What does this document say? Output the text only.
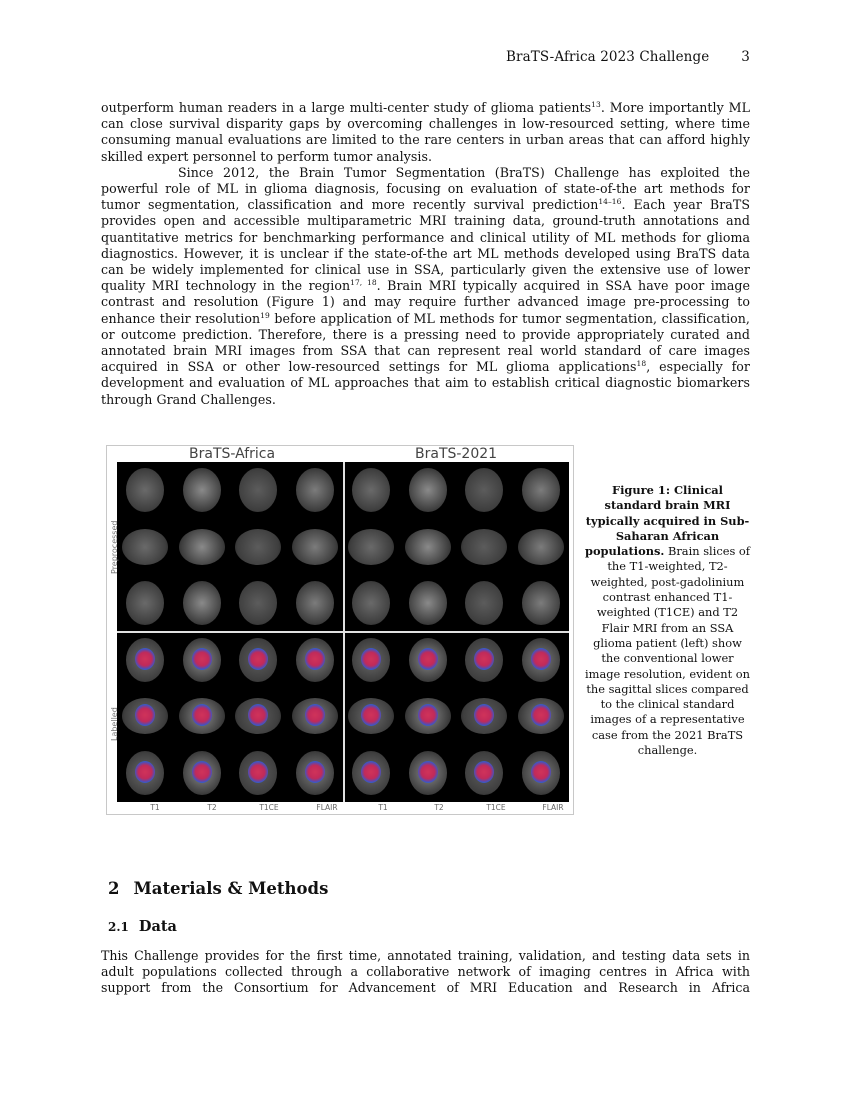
BraTS-Africa 2023 Challenge 3

outperform human readers in a large multi-center study of glioma patients$^{13}$. More importantly ML can close survival disparity gaps by overcoming challenges in low-resourced setting, where time consuming manual evaluations are limited to the rare centers in urban areas that can afford highly skilled expert personnel to perform tumor analysis.

Since 2012, the Brain Tumor Segmentation (BraTS) Challenge has exploited the powerful role of ML in glioma diagnosis, focusing on evaluation of state-of-the art methods for tumor segmentation, classification and more recently survival prediction$^{14-16}$. Each year BraTS provides open and accessible multiparametric MRI training data, ground-truth annotations and quantitative metrics for benchmarking performance and clinical utility of ML methods for glioma diagnostics. However, it is unclear if the state-of-the art ML methods developed using BraTS data can be widely implemented for clinical use in SSA, particularly given the extensive use of lower quality MRI technology in the region$^{17, 18}$. Brain MRI typically acquired in SSA have poor image contrast and resolution (Figure 1) and may require further advanced image pre-processing to enhance their resolution$^{19}$ before application of ML methods for tumor segmentation, classification, or outcome prediction. Therefore, there is a pressing need to provide appropriately curated and annotated brain MRI images from SSA that can represent real world standard of care images acquired in SSA or other low-resourced settings for ML glioma applications$^{18}$, especially for development and evaluation of ML approaches that aim to establish critical diagnostic biomarkers through Grand Challenges.

BraTS-Africa	BraTS-2021
Preprocessed
Labelled
T1	T2	T1CE	FLAIR	T1	T2	T1CE	FLAIR
Figure 1: Clinical standard brain MRI typically acquired in Sub-Saharan African populations. Brain slices of the T1-weighted, T2-weighted, post-gadolinium contrast enhanced T1-weighted (T1CE) and T2 Flair MRI from an SSA glioma patient (left) show the conventional lower image resolution, evident on the sagittal slices compared to the clinical standard images of a representative case from the 2021 BraTS challenge.
2 Materials & Methods
2.1 Data

This Challenge provides for the first time, annotated training, validation, and testing data sets in adult populations collected through a collaborative network of imaging centres in Africa with support from the Consortium for Advancement of MRI Education and Research in Africa
